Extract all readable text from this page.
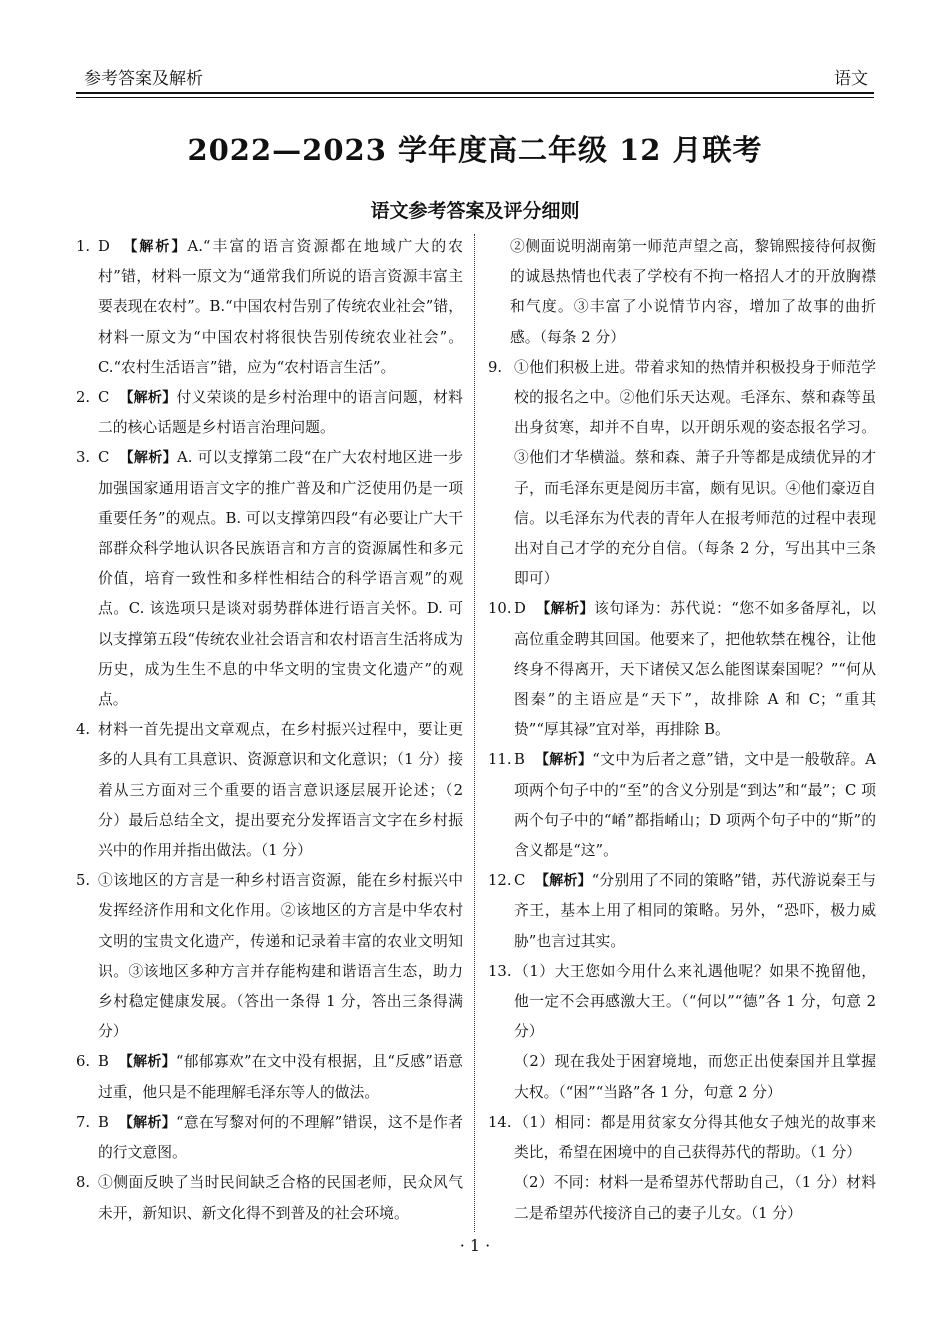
参考答案及解析	语文
2022—2023 学年度高二年级 12 月联考
语文参考答案及评分细则
1. D 【解析】A.“丰富的语言资源都在地域广大的农村”错，材料一原文为“通常我们所说的语言资源丰富主要表现在农村”。B.“中国农村告别了传统农业社会”错，材料一原文为“中国农村将很快告别传统农业社会”。C.“农村生活语言”错，应为“农村语言生活”。
2. C 【解析】付义荣谈的是乡村治理中的语言问题，材料二的核心话题是乡村语言治理问题。
3. C 【解析】A. 可以支撑第二段“在广大农村地区进一步加强国家通用语言文字的推广普及和广泛使用仍是一项重要任务”的观点。B. 可以支撑第四段“有必要让广大干部群众科学地认识各民族语言和方言的资源属性和多元价值，培育一致性和多样性相结合的科学语言观”的观点。C. 该选项只是谈对弱势群体进行语言关怀。D. 可以支撑第五段“传统农业社会语言和农村语言生活将成为历史，成为生生不息的中华文明的宝贵文化遗产”的观点。
4. 材料一首先提出文章观点，在乡村振兴过程中，要让更多的人具有工具意识、资源意识和文化意识；（1 分）接着从三方面对三个重要的语言意识逐层展开论述；（2 分）最后总结全文，提出要充分发挥语言文字在乡村振兴中的作用并指出做法。（1 分）
5. ①该地区的方言是一种乡村语言资源，能在乡村振兴中发挥经济作用和文化作用。②该地区的方言是中华农村文明的宝贵文化遗产，传递和记录着丰富的农业文明知识。③该地区多种方言并存能构建和谐语言生态，助力乡村稳定健康发展。（答出一条得 1 分，答出三条得满分）
6. B 【解析】“郁郁寡欢”在文中没有根据，且“反感”语意过重，他只是不能理解毛泽东等人的做法。
7. B 【解析】“意在写黎对何的不理解”错误，这不是作者的行文意图。
8. ①侧面反映了当时民间缺乏合格的民国老师，民众风气未开，新知识、新文化得不到普及的社会环境。
②侧面说明湖南第一师范声望之高，黎锦熙接待何叔衡的诚恳热情也代表了学校有不拘一格招人才的开放胸襟和气度。③丰富了小说情节内容，增加了故事的曲折感。（每条 2 分）
9. ①他们积极上进。带着求知的热情并积极投身于师范学校的报名之中。②他们乐天达观。毛泽东、蔡和森等虽出身贫寒，却并不自卑，以开朗乐观的姿态报名学习。③他们才华横溢。蔡和森、萧子升等都是成绩优异的才子，而毛泽东更是阅历丰富，颇有见识。④他们豪迈自信。以毛泽东为代表的青年人在报考师范的过程中表现出对自己才学的充分自信。（每条 2 分，写出其中三条即可）
10. D 【解析】该句译为：苏代说：“您不如多备厚礼，以高位重金聘其回国。他要来了，把他软禁在槐谷，让他终身不得离开，天下诸侯又怎么能图谋秦国呢？”“何从图秦”的主语应是“天下”，故排除 A 和 C；“重其贽”“厚其禄”宜对举，再排除 B。
11. B 【解析】“文中为后者之意”错，文中是一般敬辞。A 项两个句子中的“至”的含义分别是“到达”和“最”；C 项两个句子中的“崤”都指崤山；D 项两个句子中的“斯”的含义都是“这”。
12. C 【解析】“分别用了不同的策略”错，苏代游说秦王与齐王，基本上用了相同的策略。另外，“恐吓，极力威胁”也言过其实。
13. （1）大王您如今用什么来礼遇他呢？如果不挽留他，他一定不会再感激大王。（“何以”“德”各 1 分，句意 2 分）
（2）现在我处于困窘境地，而您正出使秦国并且掌握大权。（“困”“当路”各 1 分，句意 2 分）
14. （1）相同：都是用贫家女分得其他女子烛光的故事来类比，希望在困境中的自己获得苏代的帮助。（1 分）
（2）不同：材料一是希望苏代帮助自己，（1 分）材料二是希望苏代接济自己的妻子儿女。（1 分）
· 1 ·
